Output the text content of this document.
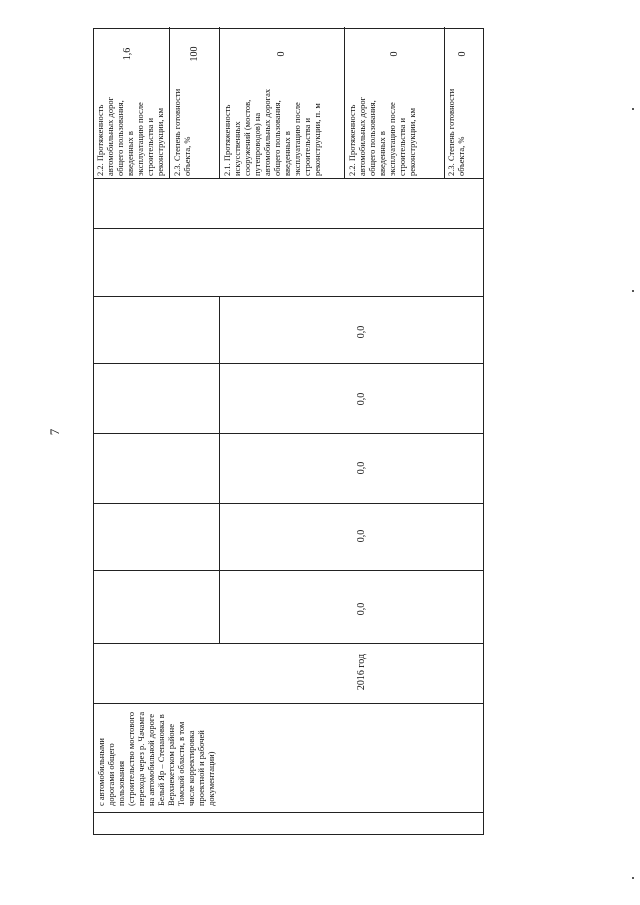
7
с автомобильными дорогами общего пользования (строительство мостового перехода через р. Чачамга на автомобильной дороге Белый Яр – Степановка в Верхнекетском районе Томской области, в том числе корректировка проектной и рабочей документации)
2016 год
0,0
0,0
0,0
0,0
0,0
2.2. Протяженность автомобильных дорог общего пользования, введенных в эксплуатацию после строительства и реконструкции, км
1,6
2.3. Степень готовности объекта, %
100
2.1. Протяженность искусственных сооружений (мостов, путепроводов) на автомобильных дорогах общего пользования, введенных в эксплуатацию после строительства и реконструкции, п. м
0
2.2. Протяженность автомобильных дорог общего пользования, введенных в эксплуатацию после строительства и реконструкции, км
0
2.3. Степень готовности объекта, %
0
